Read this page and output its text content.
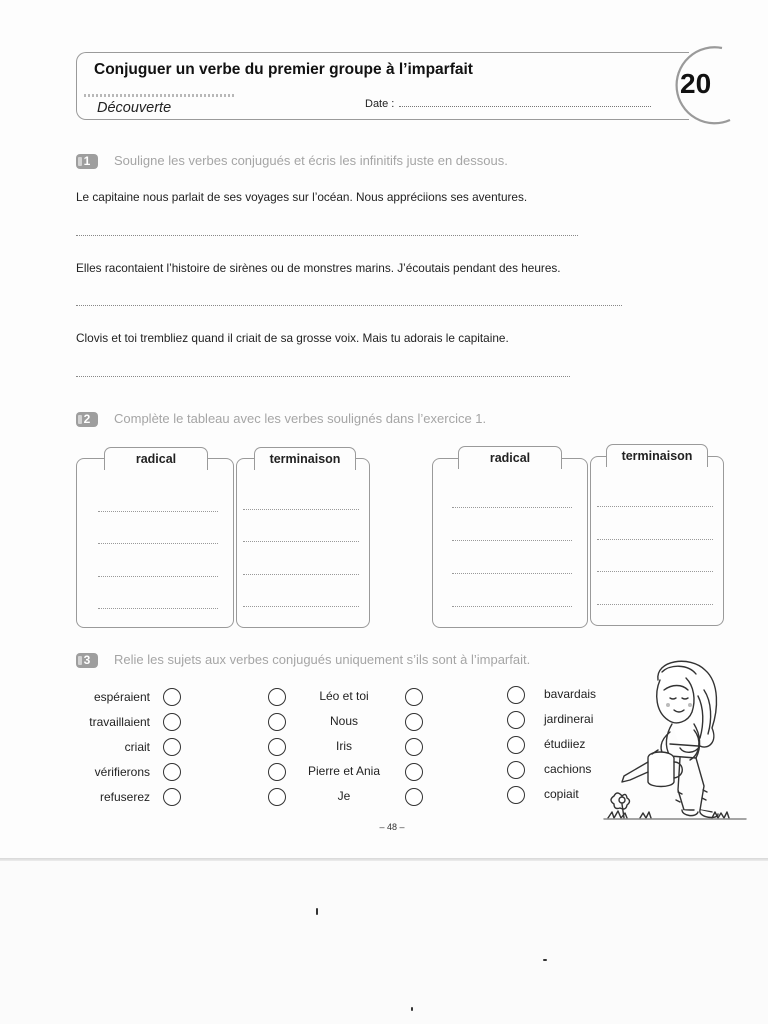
Conjuguer un verbe du premier groupe à l’imparfait
Découverte	Date :
20
1	Souligne les verbes conjugués et écris les infinitifs juste en dessous.
Le capitaine nous parlait de ses voyages sur l’océan. Nous appréciions ses aventures.
Elles racontaient l’histoire de sirènes ou de monstres marins. J’écoutais pendant des heures.
Clovis et toi trembliez quand il criait de sa grosse voix. Mais tu adorais le capitaine.
2	Complète le tableau avec les verbes soulignés dans l’exercice 1.
radical	terminaison	radical	terminaison
3	Relie les sujets aux verbes conjugués uniquement s’ils sont à l’imparfait.
espéraient
travaillaient
criait
vérifierons
refuserez
Léo et toi
Nous
Iris
Pierre et Ania
Je
bavardais
jardinerai
étudiiez
cachions
copiait
– 48 –
